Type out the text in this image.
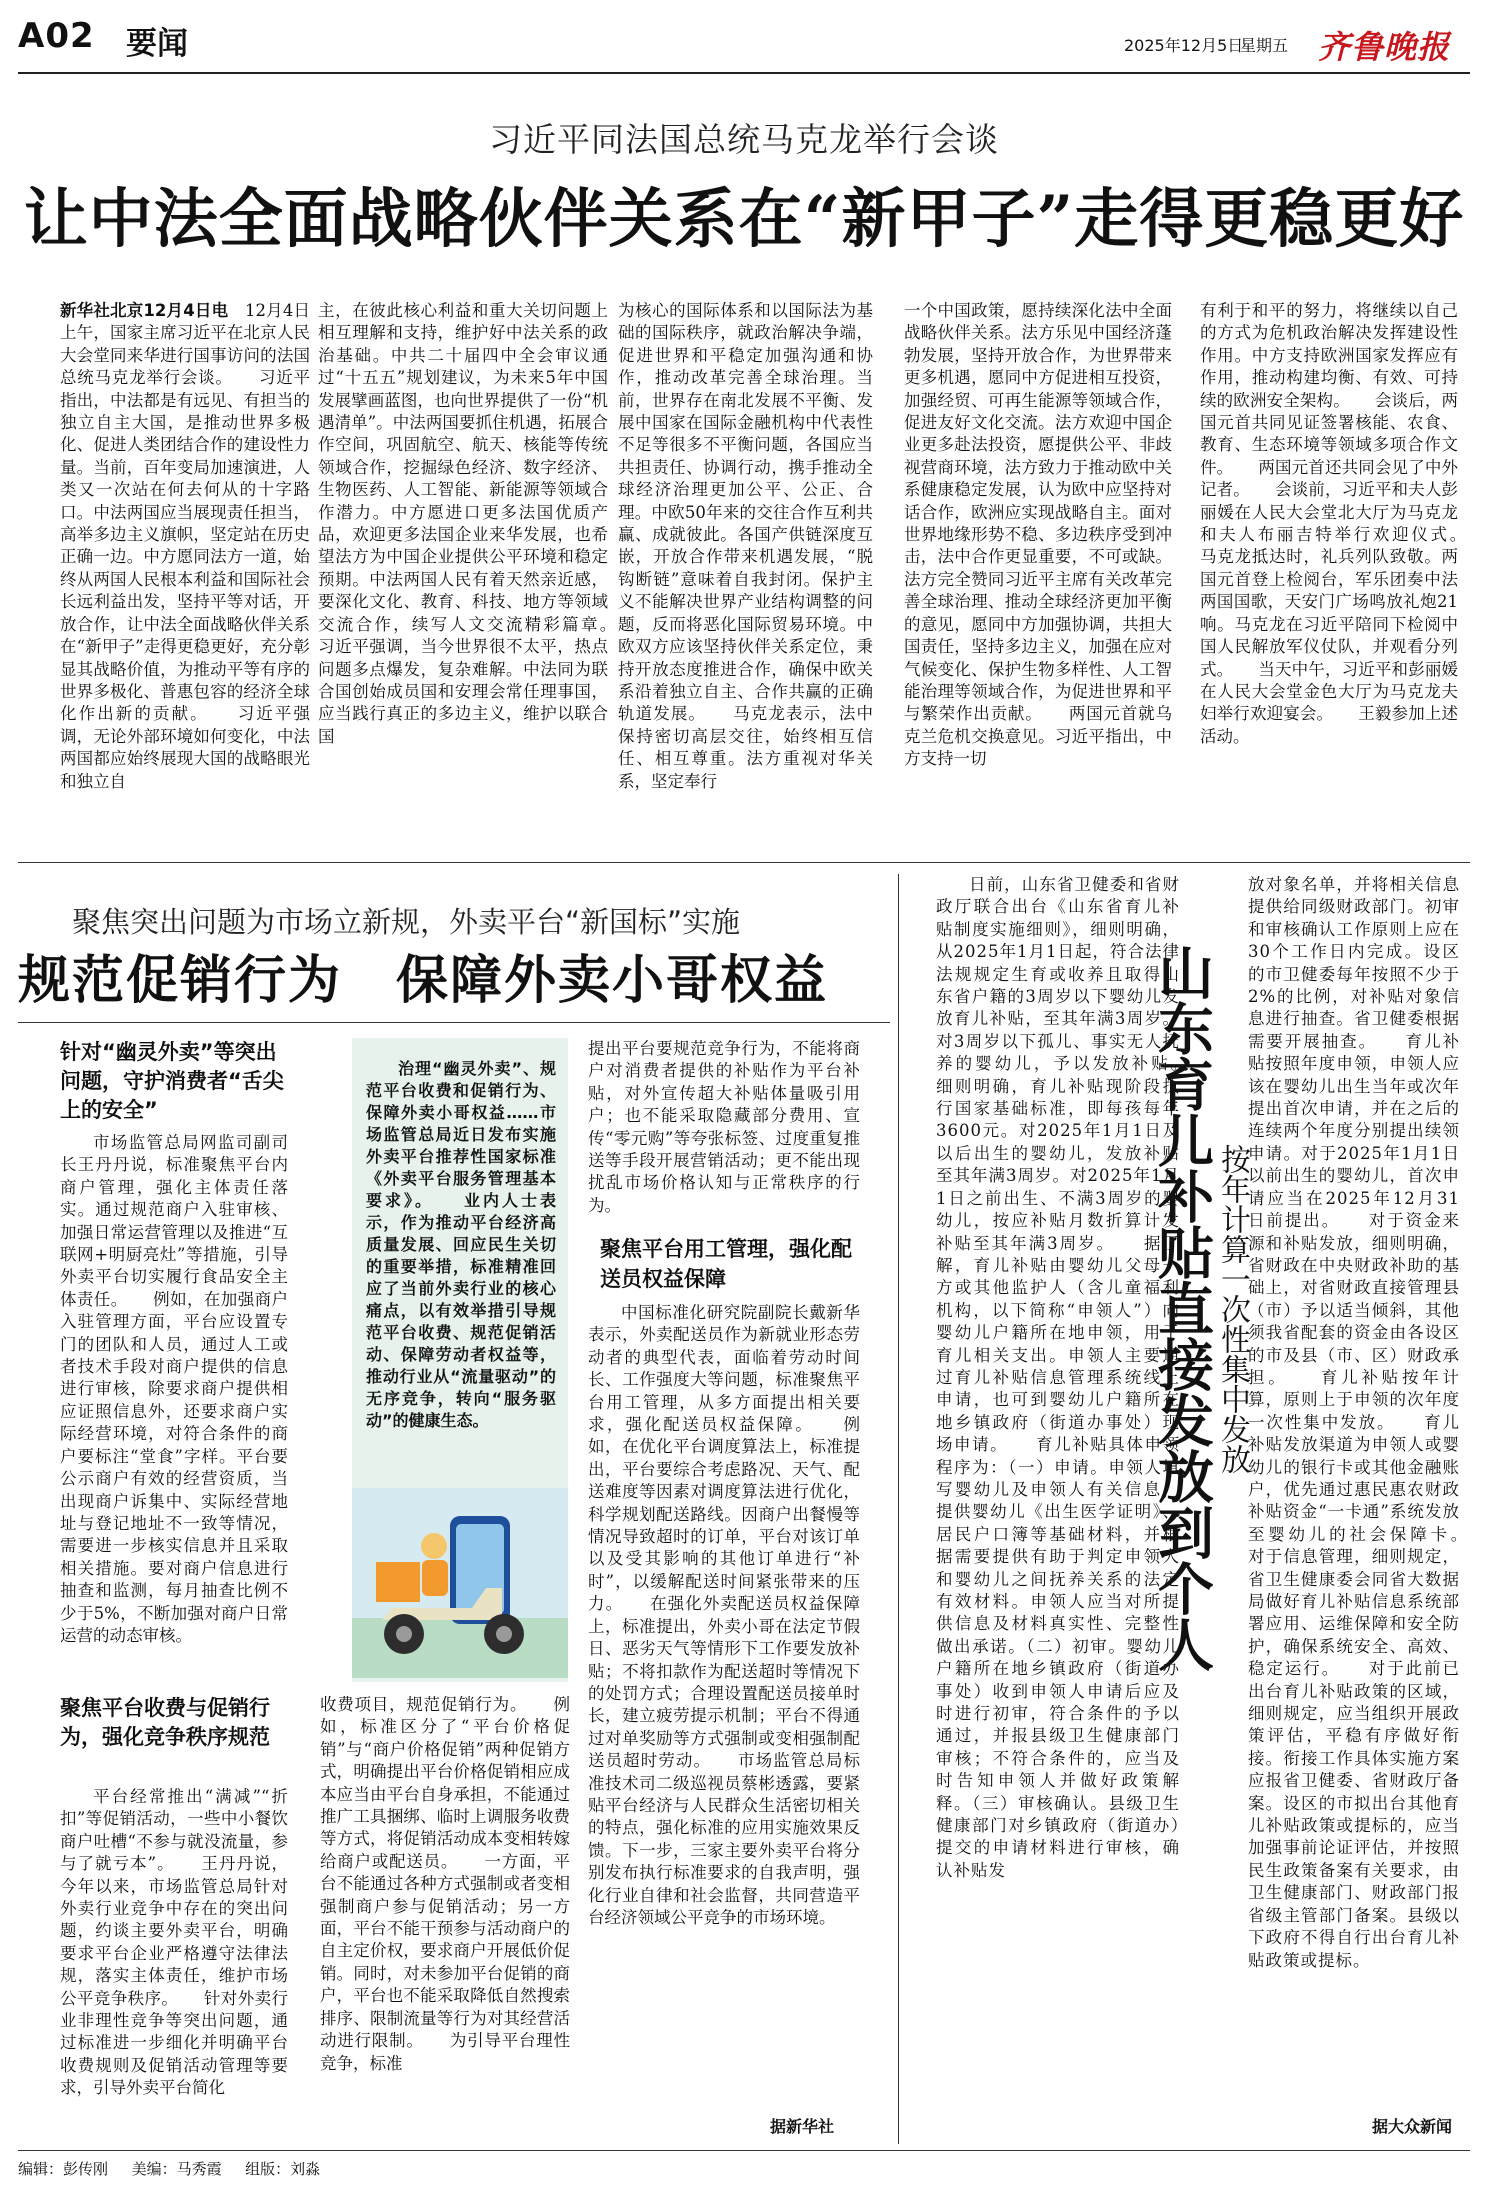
A02 要闻	2025年12月5日
星期五 齐鲁晚报
习近平同法国总统马克龙举行会谈
让中法全面战略伙伴关系在“新甲子”走得更稳更好

新华社北京12月4日电　 12月4日上午，国家主席习近平在北京人民大会堂同来华进行国事访问的法国总统马克龙举行会谈。　　习近平指出，中法都是有远见、有担当的独立自主大国，是推动世界多极化、促进人类团结合作的建设性力量。当前，百年变局加速演进，人类又一次站在何去何从的十字路口。中法两国应当展现责任担当，高举多边主义旗帜，坚定站在历史正确一边。中方愿同法方一道，始终从两国人民根本利益和国际社会长远利益出发，坚持平等对话，开放合作，让中法全面战略伙伴关系在“新甲子”走得更稳更好，充分彰显其战略价值，为推动平等有序的世界多极化、普惠包容的经济全球化作出新的贡献。　　习近平强调，无论外部环境如何变化，中法两国都应始终展现大国的战略眼光和独立自

主，在彼此核心利益和重大关切问题上相互理解和支持，维护好中法关系的政治基础。中共二十届四中全会审议通过“十五五”规划建议，为未来5年中国发展擘画蓝图，也向世界提供了一份“机遇清单”。中法两国要抓住机遇，拓展合作空间，巩固航空、航天、核能等传统领域合作，挖掘绿色经济、数字经济、生物医药、人工智能、新能源等领域合作潜力。中方愿进口更多法国优质产品，欢迎更多法国企业来华发展，也希望法方为中国企业提供公平环境和稳定预期。中法两国人民有着天然亲近感，要深化文化、教育、科技、地方等领域交流合作，续写人文交流精彩篇章。　　习近平强调，当今世界很不太平，热点问题多点爆发，复杂难解。中法同为联合国创始成员国和安理会常任理事国，应当践行真正的多边主义，维护以联合国

为核心的国际体系和以国际法为基础的国际秩序，就政治解决争端，促进世界和平稳定加强沟通和协作，推动改革完善全球治理。当前，世界存在南北发展不平衡、发展中国家在国际金融机构中代表性不足等很多不平衡问题，各国应当共担责任、协调行动，携手推动全球经济治理更加公平、公正、合理。中欧50年来的交往合作互利共赢、成就彼此。各国产供链深度互嵌，开放合作带来机遇发展，“脱钩断链”意味着自我封闭。保护主义不能解决世界产业结构调整的问题，反而将恶化国际贸易环境。中欧双方应该坚持伙伴关系定位，秉持开放态度推进合作，确保中欧关系沿着独立自主、合作共赢的正确轨道发展。　　马克龙表示，法中保持密切高层交往，始终相互信任、相互尊重。法方重视对华关系，坚定奉行

一个中国政策，愿持续深化法中全面战略伙伴关系。法方乐见中国经济蓬勃发展，坚持开放合作，为世界带来更多机遇，愿同中方促进相互投资，加强经贸、可再生能源等领域合作，促进友好文化交流。法方欢迎中国企业更多赴法投资，愿提供公平、非歧视营商环境，法方致力于推动欧中关系健康稳定发展，认为欧中应坚持对话合作，欧洲应实现战略自主。面对世界地缘形势不稳、多边秩序受到冲击，法中合作更显重要，不可或缺。法方完全赞同习近平主席有关改革完善全球治理、推动全球经济更加平衡的意见，愿同中方加强协调，共担大国责任，坚持多边主义，加强在应对气候变化、保护生物多样性、人工智能治理等领域合作，为促进世界和平与繁荣作出贡献。　　两国元首就乌克兰危机交换意见。习近平指出，中方支持一切

有利于和平的努力，将继续以自己的方式为危机政治解决发挥建设性作用。中方支持欧洲国家发挥应有作用，推动构建均衡、有效、可持续的欧洲安全架构。　　会谈后，两国元首共同见证签署核能、农食、教育、生态环境等领域多项合作文件。　　两国元首还共同会见了中外记者。　　会谈前，习近平和夫人彭丽媛在人民大会堂北大厅为马克龙和夫人布丽吉特举行欢迎仪式。　　马克龙抵达时，礼兵列队致敬。两国元首登上检阅台，军乐团奏中法两国国歌，天安门广场鸣放礼炮21响。马克龙在习近平陪同下检阅中国人民解放军仪仗队，并观看分列式。　　当天中午，习近平和彭丽媛在人民大会堂金色大厅为马克龙夫妇举行欢迎宴会。　　王毅参加上述活动。

聚焦突出问题为市场立新规，外卖平台“新国标”实施
规范促销行为　保障外卖小哥权益
针对“幽灵外卖”等突出问题，守护消费者“舌尖上的安全”

市场监管总局网监司副司长王丹丹说，标准聚焦平台内商户管理，强化主体责任落实。通过规范商户入驻审核、加强日常运营管理以及推进“互联网+明厨亮灶”等措施，引导外卖平台切实履行食品安全主体责任。　　例如，在加强商户入驻管理方面，平台应设置专门的团队和人员，通过人工或者技术手段对商户提供的信息进行审核，除要求商户提供相应证照信息外，还要求商户实际经营环境，对符合条件的商户要标注“堂食”字样。平台要公示商户有效的经营资质，当出现商户诉集中、实际经营地址与登记地址不一致等情况，需要进一步核实信息并且采取相关措施。要对商户信息进行抽查和监测，每月抽查比例不少于5%，不断加强对商户日常运营的动态审核。

聚焦平台收费与促销行为，强化竞争秩序规范

平台经常推出“满减”“折扣”等促销活动，一些中小餐饮商户吐槽“不参与就没流量，参与了就亏本”。　　王丹丹说，今年以来，市场监管总局针对外卖行业竞争中存在的突出问题，约谈主要外卖平台，明确要求平台企业严格遵守法律法规，落实主体责任，维护市场公平竞争秩序。　　针对外卖行业非理性竞争等突出问题，通过标准进一步细化并明确平台收费规则及促销活动管理等要求，引导外卖平台简化

治理“幽灵外卖”、规范平台收费和促销行为、保障外卖小哥权益……市场监管总局近日发布实施外卖平台推荐性国家标准《外卖平台服务管理基本要求》。　　业内人士表示，作为推动平台经济高质量发展、回应民生关切的重要举措，标准精准回应了当前外卖行业的核心痛点，以有效举措引导规范平台收费、规范促销活动、保障劳动者权益等，推动行业从“流量驱动”的无序竞争，转向“服务驱动”的健康生态。

收费项目，规范促销行为。　　例如，标准区分了“平台价格促销”与“商户价格促销”两种促销方式，明确提出平台价格促销相应成本应当由平台自身承担，不能通过推广工具捆绑、临时上调服务收费等方式，将促销活动成本变相转嫁给商户或配送员。　　一方面，平台不能通过各种方式强制或者变相强制商户参与促销活动；另一方面，平台不能干预参与活动商户的自主定价权，要求商户开展低价促销。同时，对未参加平台促销的商户，平台也不能采取降低自然搜索排序、限制流量等行为对其经营活动进行限制。　　为引导平台理性竞争，标准

提出平台要规范竞争行为，不能将商户对消费者提供的补贴作为平台补贴，对外宣传超大补贴体量吸引用户；也不能采取隐藏部分费用、宣传“零元购”等夸张标签、过度重复推送等手段开展营销活动；更不能出现扰乱市场价格认知与正常秩序的行为。

聚焦平台用工管理，强化配送员权益保障

中国标准化研究院副院长戴新华表示，外卖配送员作为新就业形态劳动者的典型代表，面临着劳动时间长、工作强度大等问题，标准聚焦平台用工管理，从多方面提出相关要求，强化配送员权益保障。　　例如，在优化平台调度算法上，标准提出，平台要综合考虑路况、天气、配送难度等因素对调度算法进行优化，科学规划配送路线。因商户出餐慢等情况导致超时的订单，平台对该订单以及受其影响的其他订单进行“补时”，以缓解配送时间紧张带来的压力。　　在强化外卖配送员权益保障上，标准提出，外卖小哥在法定节假日、恶劣天气等情形下工作要发放补贴；不将扣款作为配送超时等情况下的处罚方式；合理设置配送员接单时长，建立疲劳提示机制；平台不得通过对单奖励等方式强制或变相强制配送员超时劳动。　　市场监管总局标准技术司二级巡视员蔡彬透露，要紧贴平台经济与人民群众生活密切相关的特点，强化标准的应用实施效果反馈。下一步，三家主要外卖平台将分别发布执行标准要求的自我声明，强化行业自律和社会监督，共同营造平台经济领域公平竞争的市场环境。

据新华社

日前，山东省卫健委和省财政厅联合出台《山东省育儿补贴制度实施细则》，细则明确，从2025年1月1日起，符合法律法规规定生育或收养且取得山东省户籍的3周岁以下婴幼儿发放育儿补贴，至其年满3周岁。对3周岁以下孤儿、事实无人抚养的婴幼儿，予以发放补贴。　　细则明确，育儿补贴现阶段执行国家基础标准，即每孩每年3600元。对2025年1月1日及以后出生的婴幼儿，发放补贴至其年满3周岁。对2025年1月1日之前出生、不满3周岁的婴幼儿，按应补贴月数折算计发补贴至其年满3周岁。　　据了解，育儿补贴由婴幼儿父母一方或其他监护人（含儿童福利机构，以下简称“申领人”）向婴幼儿户籍所在地申领，用于育儿相关支出。申领人主要通过育儿补贴信息管理系统线上申请，也可到婴幼儿户籍所在地乡镇政府（街道办事处）现场申请。　　育儿补贴具体申领程序为：（一）申请。申领人填写婴幼儿及申领人有关信息，提供婴幼儿《出生医学证明》、居民户口簿等基础材料，并根据需要提供有助于判定申领人和婴幼儿之间抚养关系的法定有效材料。申领人应当对所提供信息及材料真实性、完整性做出承诺。（二）初审。婴幼儿户籍所在地乡镇政府（街道办事处）收到申领人申请后应及时进行初审，符合条件的予以通过，并报县级卫生健康部门审核；不符合条件的，应当及时告知申领人并做好政策解释。（三）审核确认。县级卫生健康部门对乡镇政府（街道办）提交的申请材料进行审核，确认补贴发

山东育儿补贴直接发放到个人 按年计算一次性集中发放

放对象名单，并将相关信息提供给同级财政部门。初审和审核确认工作原则上应在30个工作日内完成。设区的市卫健委每年按照不少于2%的比例，对补贴对象信息进行抽查。省卫健委根据需要开展抽查。　　育儿补贴按照年度申领，申领人应该在婴幼儿出生当年或次年提出首次申请，并在之后的连续两个年度分别提出续领申请。对于2025年1月1日以前出生的婴幼儿，首次申请应当在2025年12月31日前提出。　　对于资金来源和补贴发放，细则明确，省财政在中央财政补助的基础上，对省财政直接管理县（市）予以适当倾斜，其他须我省配套的资金由各设区的市及县（市、区）财政承担。　　育儿补贴按年计算，原则上于申领的次年度一次性集中发放。　　育儿补贴发放渠道为申领人或婴幼儿的银行卡或其他金融账户，优先通过惠民惠农财政补贴资金“一卡通”系统发放至婴幼儿的社会保障卡。　　对于信息管理，细则规定，省卫生健康委会同省大数据局做好育儿补贴信息系统部署应用、运维保障和安全防护，确保系统安全、高效、稳定运行。　　对于此前已出台育儿补贴政策的区域，细则规定，应当组织开展政策评估，平稳有序做好衔接。衔接工作具体实施方案应报省卫健委、省财政厅备案。设区的市拟出台其他育儿补贴政策或提标的，应当加强事前论证评估，并按照民生政策备案有关要求，由卫生健康部门、财政部门报省级主管部门备案。县级以下政府不得自行出台育儿补贴政策或提标。

据大众新闻
编辑：彭传刚 美编：马秀霞 组版：刘淼
